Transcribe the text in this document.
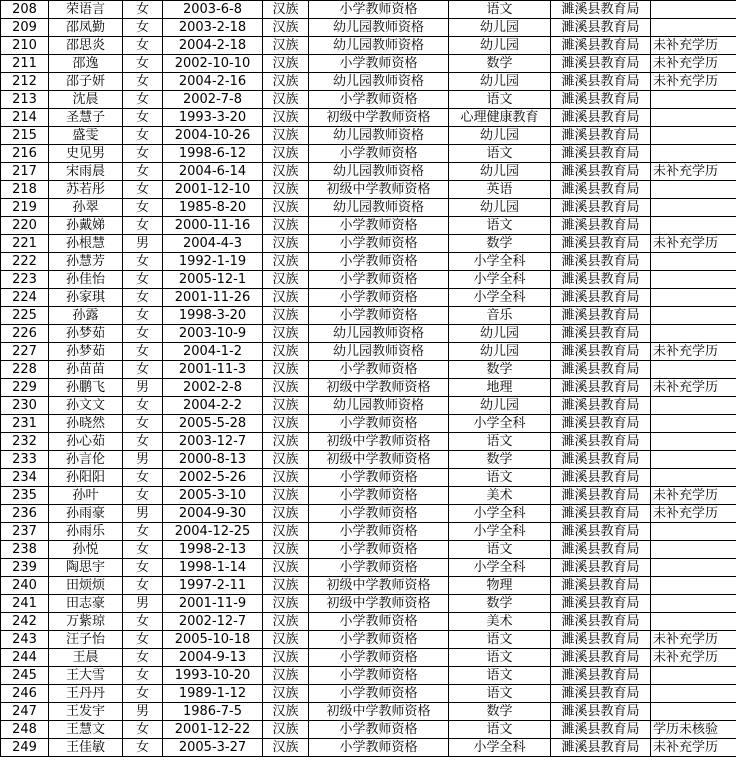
208	荣语言	女	2003-6-8	汉族	小学教师资格	语文	濉溪县教育局	
209	邵凤勤	女	2003-2-18	汉族	幼儿园教师资格	幼儿园	濉溪县教育局	
210	邵思炎	女	2004-2-18	汉族	幼儿园教师资格	幼儿园	濉溪县教育局	未补充学历
211	邵逸	女	2002-10-10	汉族	小学教师资格	数学	濉溪县教育局	未补充学历
212	邵子妍	女	2004-2-16	汉族	幼儿园教师资格	幼儿园	濉溪县教育局	未补充学历
213	沈晨	女	2002-7-8	汉族	小学教师资格	语文	濉溪县教育局	
214	圣慧子	女	1993-3-20	汉族	初级中学教师资格	心理健康教育	濉溪县教育局	
215	盛雯	女	2004-10-26	汉族	幼儿园教师资格	幼儿园	濉溪县教育局	
216	史见男	女	1998-6-12	汉族	小学教师资格	语文	濉溪县教育局	
217	宋雨晨	女	2004-6-14	汉族	幼儿园教师资格	幼儿园	濉溪县教育局	未补充学历
218	苏若彤	女	2001-12-10	汉族	初级中学教师资格	英语	濉溪县教育局	
219	孙翠	女	1985-8-20	汉族	幼儿园教师资格	幼儿园	濉溪县教育局	
220	孙戴娣	女	2000-11-16	汉族	小学教师资格	语文	濉溪县教育局	
221	孙根慧	男	2004-4-3	汉族	小学教师资格	数学	濉溪县教育局	未补充学历
222	孙慧芳	女	1992-1-19	汉族	小学教师资格	小学全科	濉溪县教育局	
223	孙佳怡	女	2005-12-1	汉族	小学教师资格	小学全科	濉溪县教育局	
224	孙家琪	女	2001-11-26	汉族	小学教师资格	小学全科	濉溪县教育局	
225	孙露	女	1998-3-20	汉族	小学教师资格	音乐	濉溪县教育局	
226	孙梦茹	女	2003-10-9	汉族	幼儿园教师资格	幼儿园	濉溪县教育局	
227	孙梦茹	女	2004-1-2	汉族	幼儿园教师资格	幼儿园	濉溪县教育局	未补充学历
228	孙苗苗	女	2001-11-3	汉族	小学教师资格	数学	濉溪县教育局	
229	孙鹏飞	男	2002-2-8	汉族	初级中学教师资格	地理	濉溪县教育局	未补充学历
230	孙文文	女	2004-2-2	汉族	幼儿园教师资格	幼儿园	濉溪县教育局	
231	孙晓然	女	2005-5-28	汉族	小学教师资格	小学全科	濉溪县教育局	
232	孙心茹	女	2003-12-7	汉族	初级中学教师资格	语文	濉溪县教育局	
233	孙言伦	男	2000-8-13	汉族	初级中学教师资格	数学	濉溪县教育局	
234	孙阳阳	女	2002-5-26	汉族	小学教师资格	语文	濉溪县教育局	
235	孙叶	女	2005-3-10	汉族	小学教师资格	美术	濉溪县教育局	未补充学历
236	孙雨豪	男	2004-9-30	汉族	小学教师资格	小学全科	濉溪县教育局	未补充学历
237	孙雨乐	女	2004-12-25	汉族	小学教师资格	小学全科	濉溪县教育局	
238	孙悦	女	1998-2-13	汉族	小学教师资格	语文	濉溪县教育局	
239	陶思宇	女	1998-1-14	汉族	小学教师资格	小学全科	濉溪县教育局	
240	田烦烦	女	1997-2-11	汉族	初级中学教师资格	物理	濉溪县教育局	
241	田志豪	男	2001-11-9	汉族	初级中学教师资格	数学	濉溪县教育局	
242	万紫琼	女	2002-12-7	汉族	小学教师资格	美术	濉溪县教育局	
243	汪子怡	女	2005-10-18	汉族	小学教师资格	语文	濉溪县教育局	未补充学历
244	王晨	女	2004-9-13	汉族	小学教师资格	语文	濉溪县教育局	未补充学历
245	王大雪	女	1993-10-20	汉族	小学教师资格	语文	濉溪县教育局	
246	王丹丹	女	1989-1-12	汉族	小学教师资格	语文	濉溪县教育局	
247	王发宇	男	1986-7-5	汉族	初级中学教师资格	数学	濉溪县教育局	
248	王慧文	女	2001-12-22	汉族	小学教师资格	语文	濉溪县教育局	学历未核验
249	王佳敏	女	2005-3-27	汉族	小学教师资格	小学全科	濉溪县教育局	未补充学历
